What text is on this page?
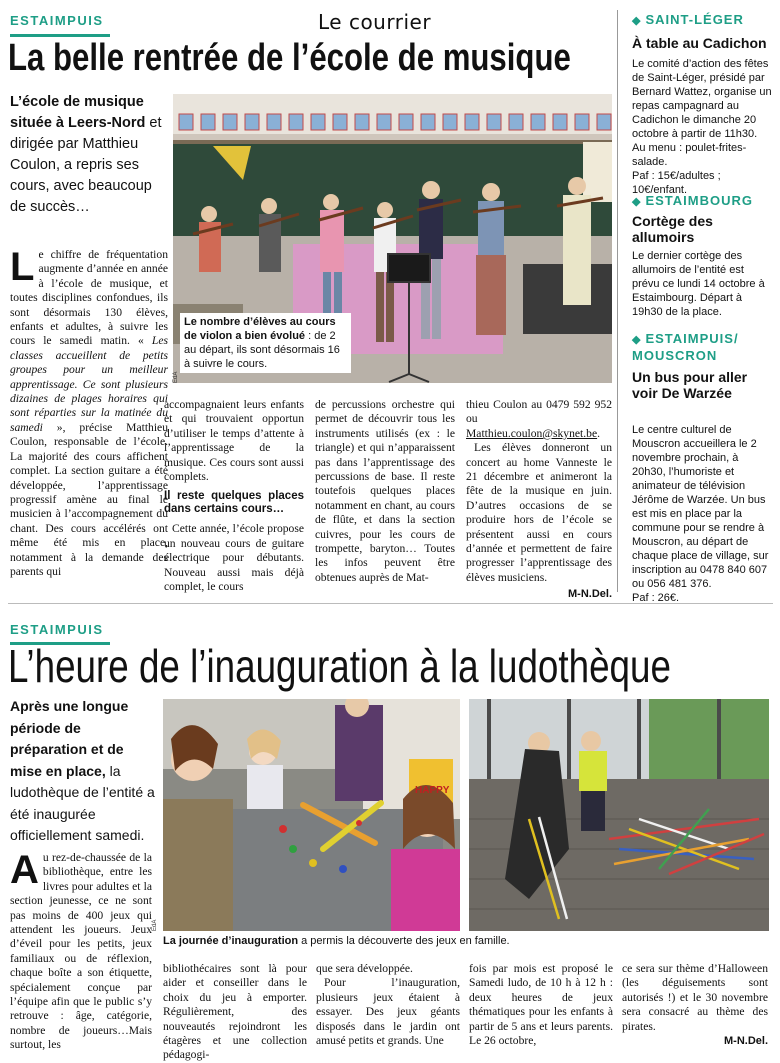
ESTAIMPUIS	Le courrier
La belle rentrée de l’école de musique
L’école de musique située à Leers-Nord et dirigée par Matthieu Coulon, a repris ses cours, avec beaucoup de succès…
Le nombre d’élèves au cours de violon a bien évolué : de 2 au départ, ils sont désormais 16 à suivre le cours.
EdA

Le chiffre de fréquentation augmente d’année en année à l’école de musique, et toutes disciplines confondues, ils sont désormais 130 élèves, enfants et adultes, à suivre les cours le samedi matin. « Les classes accueillent de petits groupes pour un meilleur apprentissage. Ce sont plusieurs dizaines de plages horaires qui sont réparties sur la matinée du samedi », précise Matthieu Coulon, responsable de l’école. La majorité des cours affichent complet. La section guitare a été développée, l’apprentissage progressif amène au final le musicien à l’accompagnement du chant. Des cours accélérés ont même été mis en place, notamment à la demande des parents qui

accompagnaient leurs enfants et qui trouvaient opportun d’utiliser le temps d’attente à l’apprentissage de la musique. Ces cours sont aussi complets.

Il reste quelques places dans certains cours…

Cette année, l’école propose un nouveau cours de guitare électrique pour débutants. Nouveau aussi mais déjà complet, le cours

de percussions orchestre qui permet de découvrir tous les instruments utilisés (ex : le triangle) et qui n’apparaissent pas dans l’apprentissage des percussions de base. Il reste toutefois quelques places notamment en chant, au cours de flûte, et dans la section cuivres, pour les cours de trompette, baryton… Toutes les infos peuvent être obtenues auprès de Mat-

thieu Coulon au 0479 592 952 ou Matthieu.coulon@skynet.be.

Les élèves donneront un concert au home Vanneste le 21 décembre et animeront la fête de la musique en juin. D’autres occasions de se produire hors de l’école se présentent aussi en cours d’année et permettent de faire progresser l’apprentissage des élèves musiciens.

M-N.Del.
◆ SAINT-LÉGER
À table au Cadichon
Le comité d’action des fêtes de Saint-Léger, présidé par Bernard Wattez, organise un repas campagnard au Cadichon le dimanche 20 octobre à partir de 11h30. Au menu : poulet-frites-salade.
Paf : 15€/adultes ; 10€/enfant.
◆ ESTAIMBOURG
Cortège des allumoirs
Le dernier cortège des allumoirs de l’entité est prévu ce lundi 14 octobre à Estaimbourg. Départ à 19h30 de la place.
◆ ESTAIMPUIS/ MOUSCRON
Un bus pour aller voir De Warzée
Le centre culturel de Mouscron accueillera le 2 novembre prochain, à 20h30, l’humoriste et animateur de télévision Jérôme de Warzée. Un bus est mis en place par la commune pour se rendre à Mouscron, au départ de chaque place de village, sur inscription au 0478 840 607 ou 056 481 376.
Paf : 26€.
ESTAIMPUIS
L’heure de l’inauguration à la ludothèque
Après une longue période de préparation et de mise en place, la ludothèque de l’entité a été inaugurée officiellement samedi.
HAPPY
EdA
La journée d’inauguration a permis la découverte des jeux en famille.

Au rez-de-chaussée de la bibliothèque, entre les livres pour adultes et la section jeunesse, ce ne sont pas moins de 400 jeux qui attendent les joueurs. Jeux d’éveil pour les petits, jeux familiaux ou de réflexion, chaque boîte a son étiquette, spécialement conçue par l’équipe afin que le public s’y retrouve : âge, catégorie, nombre de joueurs…Mais surtout, les

bibliothécaires sont là pour aider et conseiller dans le choix du jeu à emporter. Régulièrement, des nouveautés rejoindront les étagères et une collection pédagogi-

que sera développée.

Pour l’inauguration, plusieurs jeux étaient à essayer. Des jeux géants disposés dans le jardin ont amusé petits et grands. Une

fois par mois est proposé le Samedi ludo, de 10 h à 12 h : deux heures de jeux thématiques pour les enfants à partir de 5 ans et leurs parents. Le 26 octobre,

ce sera sur thème d’Halloween (les déguisements sont autorisés !) et le 30 novembre sera consacré au thème des pirates.

M-N.Del.
